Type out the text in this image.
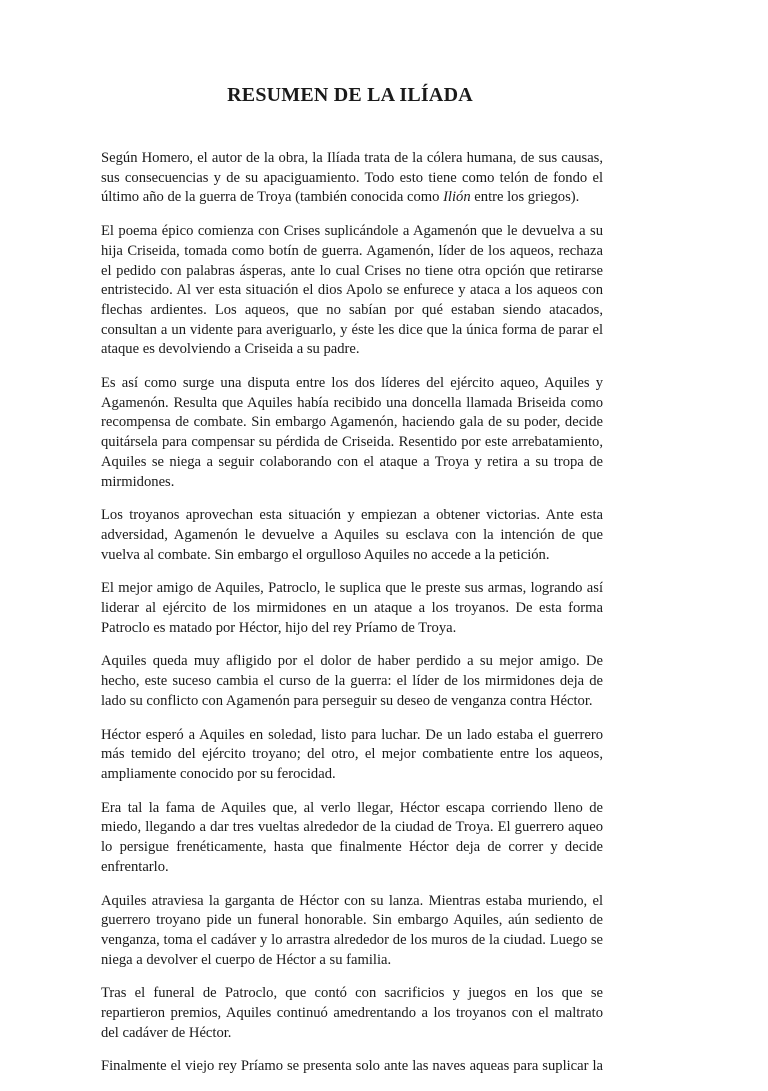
RESUMEN DE LA ILÍADA

Según Homero, el autor de la obra, la Ilíada trata de la cólera humana, de sus causas, sus consecuencias y de su apaciguamiento. Todo esto tiene como telón de fondo el último año de la guerra de Troya (también conocida como Ilión entre los griegos).

El poema épico comienza con Crises suplicándole a Agamenón que le devuelva a su hija Criseida, tomada como botín de guerra. Agamenón, líder de los aqueos, rechaza el pedido con palabras ásperas, ante lo cual Crises no tiene otra opción que retirarse entristecido. Al ver esta situación el dios Apolo se enfurece y ataca a los aqueos con flechas ardientes. Los aqueos, que no sabían por qué estaban siendo atacados, consultan a un vidente para averiguarlo, y éste les dice que la única forma de parar el ataque es devolviendo a Criseida a su padre.

Es así como surge una disputa entre los dos líderes del ejército aqueo, Aquiles y Agamenón. Resulta que Aquiles había recibido una doncella llamada Briseida como recompensa de combate. Sin embargo Agamenón, haciendo gala de su poder, decide quitársela para compensar su pérdida de Criseida. Resentido por este arrebatamiento, Aquiles se niega a seguir colaborando con el ataque a Troya y retira a su tropa de mirmidones.

Los troyanos aprovechan esta situación y empiezan a obtener victorias. Ante esta adversidad, Agamenón le devuelve a Aquiles su esclava con la intención de que vuelva al combate. Sin embargo el orgulloso Aquiles no accede a la petición.

El mejor amigo de Aquiles, Patroclo, le suplica que le preste sus armas, logrando así liderar al ejército de los mirmidones en un ataque a los troyanos. De esta forma Patroclo es matado por Héctor, hijo del rey Príamo de Troya.

Aquiles queda muy afligido por el dolor de haber perdido a su mejor amigo. De hecho, este suceso cambia el curso de la guerra: el líder de los mirmidones deja de lado su conflicto con Agamenón para perseguir su deseo de venganza contra Héctor.

Héctor esperó a Aquiles en soledad, listo para luchar. De un lado estaba el guerrero más temido del ejército troyano; del otro, el mejor combatiente entre los aqueos, ampliamente conocido por su ferocidad.

Era tal la fama de Aquiles que, al verlo llegar, Héctor escapa corriendo lleno de miedo, llegando a dar tres vueltas alrededor de la ciudad de Troya. El guerrero aqueo lo persigue frenéticamente, hasta que finalmente Héctor deja de correr y decide enfrentarlo.

Aquiles atraviesa la garganta de Héctor con su lanza. Mientras estaba muriendo, el guerrero troyano pide un funeral honorable. Sin embargo Aquiles, aún sediento de venganza, toma el cadáver y lo arrastra alrededor de los muros de la ciudad. Luego se niega a devolver el cuerpo de Héctor a su familia.

Tras el funeral de Patroclo, que contó con sacrificios y juegos en los que se repartieron premios, Aquiles continuó amedrentando a los troyanos con el maltrato del cadáver de Héctor.

Finalmente el viejo rey Príamo se presenta solo ante las naves aqueas para suplicar la
